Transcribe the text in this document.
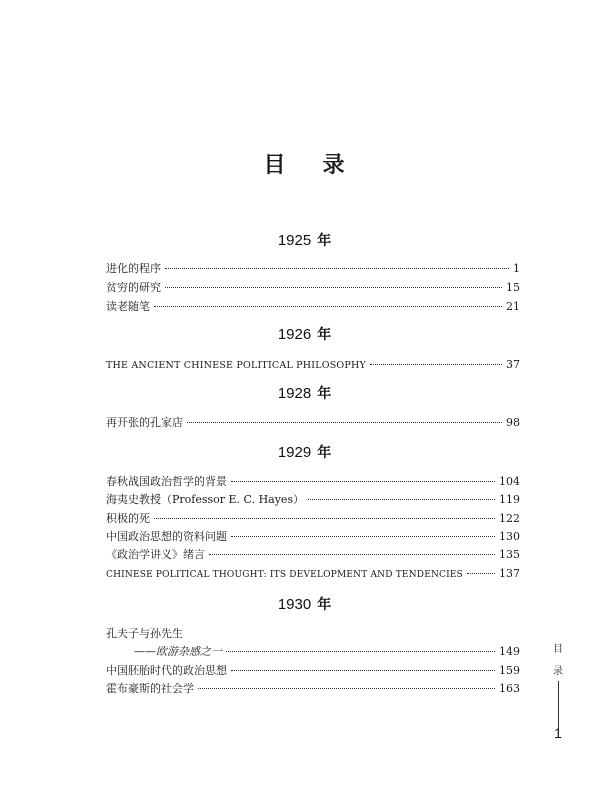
目 录
1925 年
进化的程序	1
贫穷的研究	15
读老随笔	21
1926 年
THE ANCIENT CHINESE POLITICAL PHILOSOPHY	37
1928 年
再开张的孔家店	98
1929 年
春秋战国政治哲学的背景	104
海夷史教授（Professor E. C. Hayes）	119
积极的死	122
中国政治思想的资料问题	130
《政治学讲义》绪言	135
CHINESE POLITICAL THOUGHT: ITS DEVELOPMENT AND TENDENCIES	137
1930 年
孔夫子与孙先生
——欧游杂感之一	149
中国胚胎时代的政治思想	159
霍布豪斯的社会学	163
目
录
1
